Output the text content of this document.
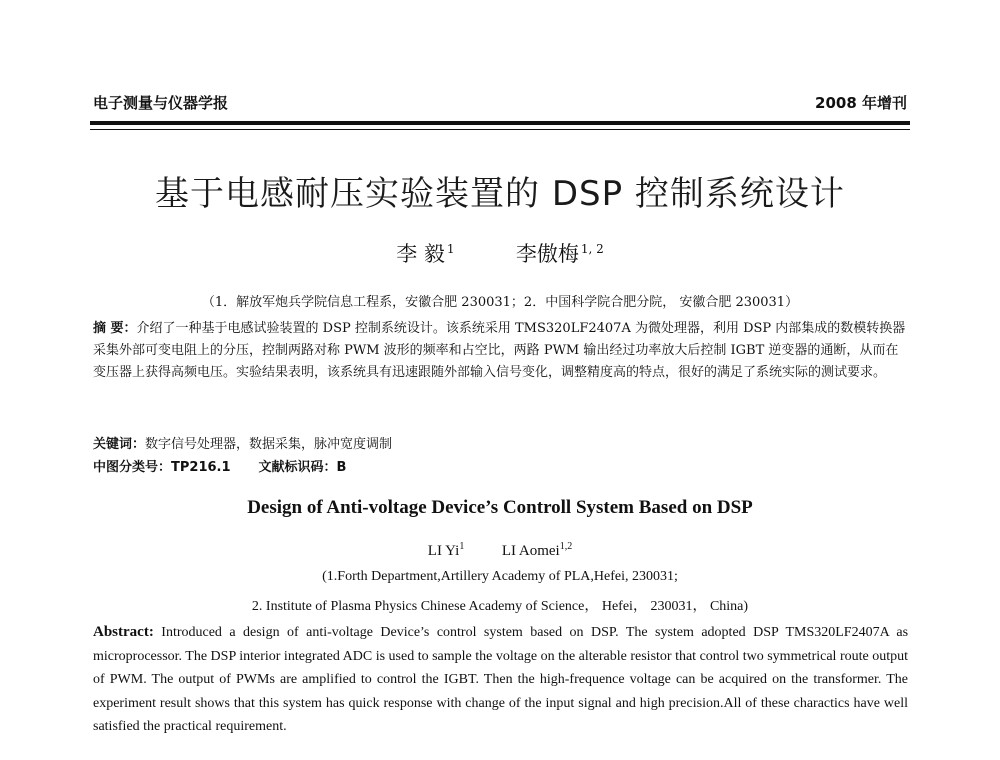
电子测量与仪器学报	2008 年增刊
基于电感耐压实验装置的 DSP 控制系统设计
李 毅 $^1$	李傲梅 $^{1, 2}$
（1．解放军炮兵学院信息工程系，安徽合肥 230031；2．中国科学院合肥分院， 安徽合肥 230031）
摘 要：介绍了一种基于电感试验装置的 DSP 控制系统设计。该系统采用 TMS320LF2407A 为微处理器，利用 DSP 内部集成的数模转换器采集外部可变电阻上的分压，控制两路对称 PWM 波形的频率和占空比，两路 PWM 输出经过功率放大后控制 IGBT 逆变器的通断，从而在变压器上获得高频电压。实验结果表明，该系统具有迅速跟随外部输入信号变化，调整精度高的特点，很好的满足了系统实际的测试要求。
关键词：数字信号处理器，数据采集，脉冲宽度调制
中图分类号：TP216.1 文献标识码：B
Design of Anti-voltage Device’s Controll System Based on DSP
LI Yi$^1$	LI Aomei$^{1,2}$
(1.Forth Department,Artillery Academy of PLA,Hefei, 230031;
2. Institute of Plasma Physics Chinese Academy of Science， Hefei， 230031， China)
Abstract: Introduced a design of anti-voltage Device’s control system based on DSP. The system adopted DSP TMS320LF2407A as microprocessor. The DSP interior integrated ADC is used to sample the voltage on the alterable resistor that control two symmetrical route output of PWM. The output of PWMs are amplified to control the IGBT. Then the high-frequence voltage can be acquired on the transformer. The experiment result shows that this system has quick response with change of the input signal and high precision.All of these charactics have well satisfied the practical requirement.
